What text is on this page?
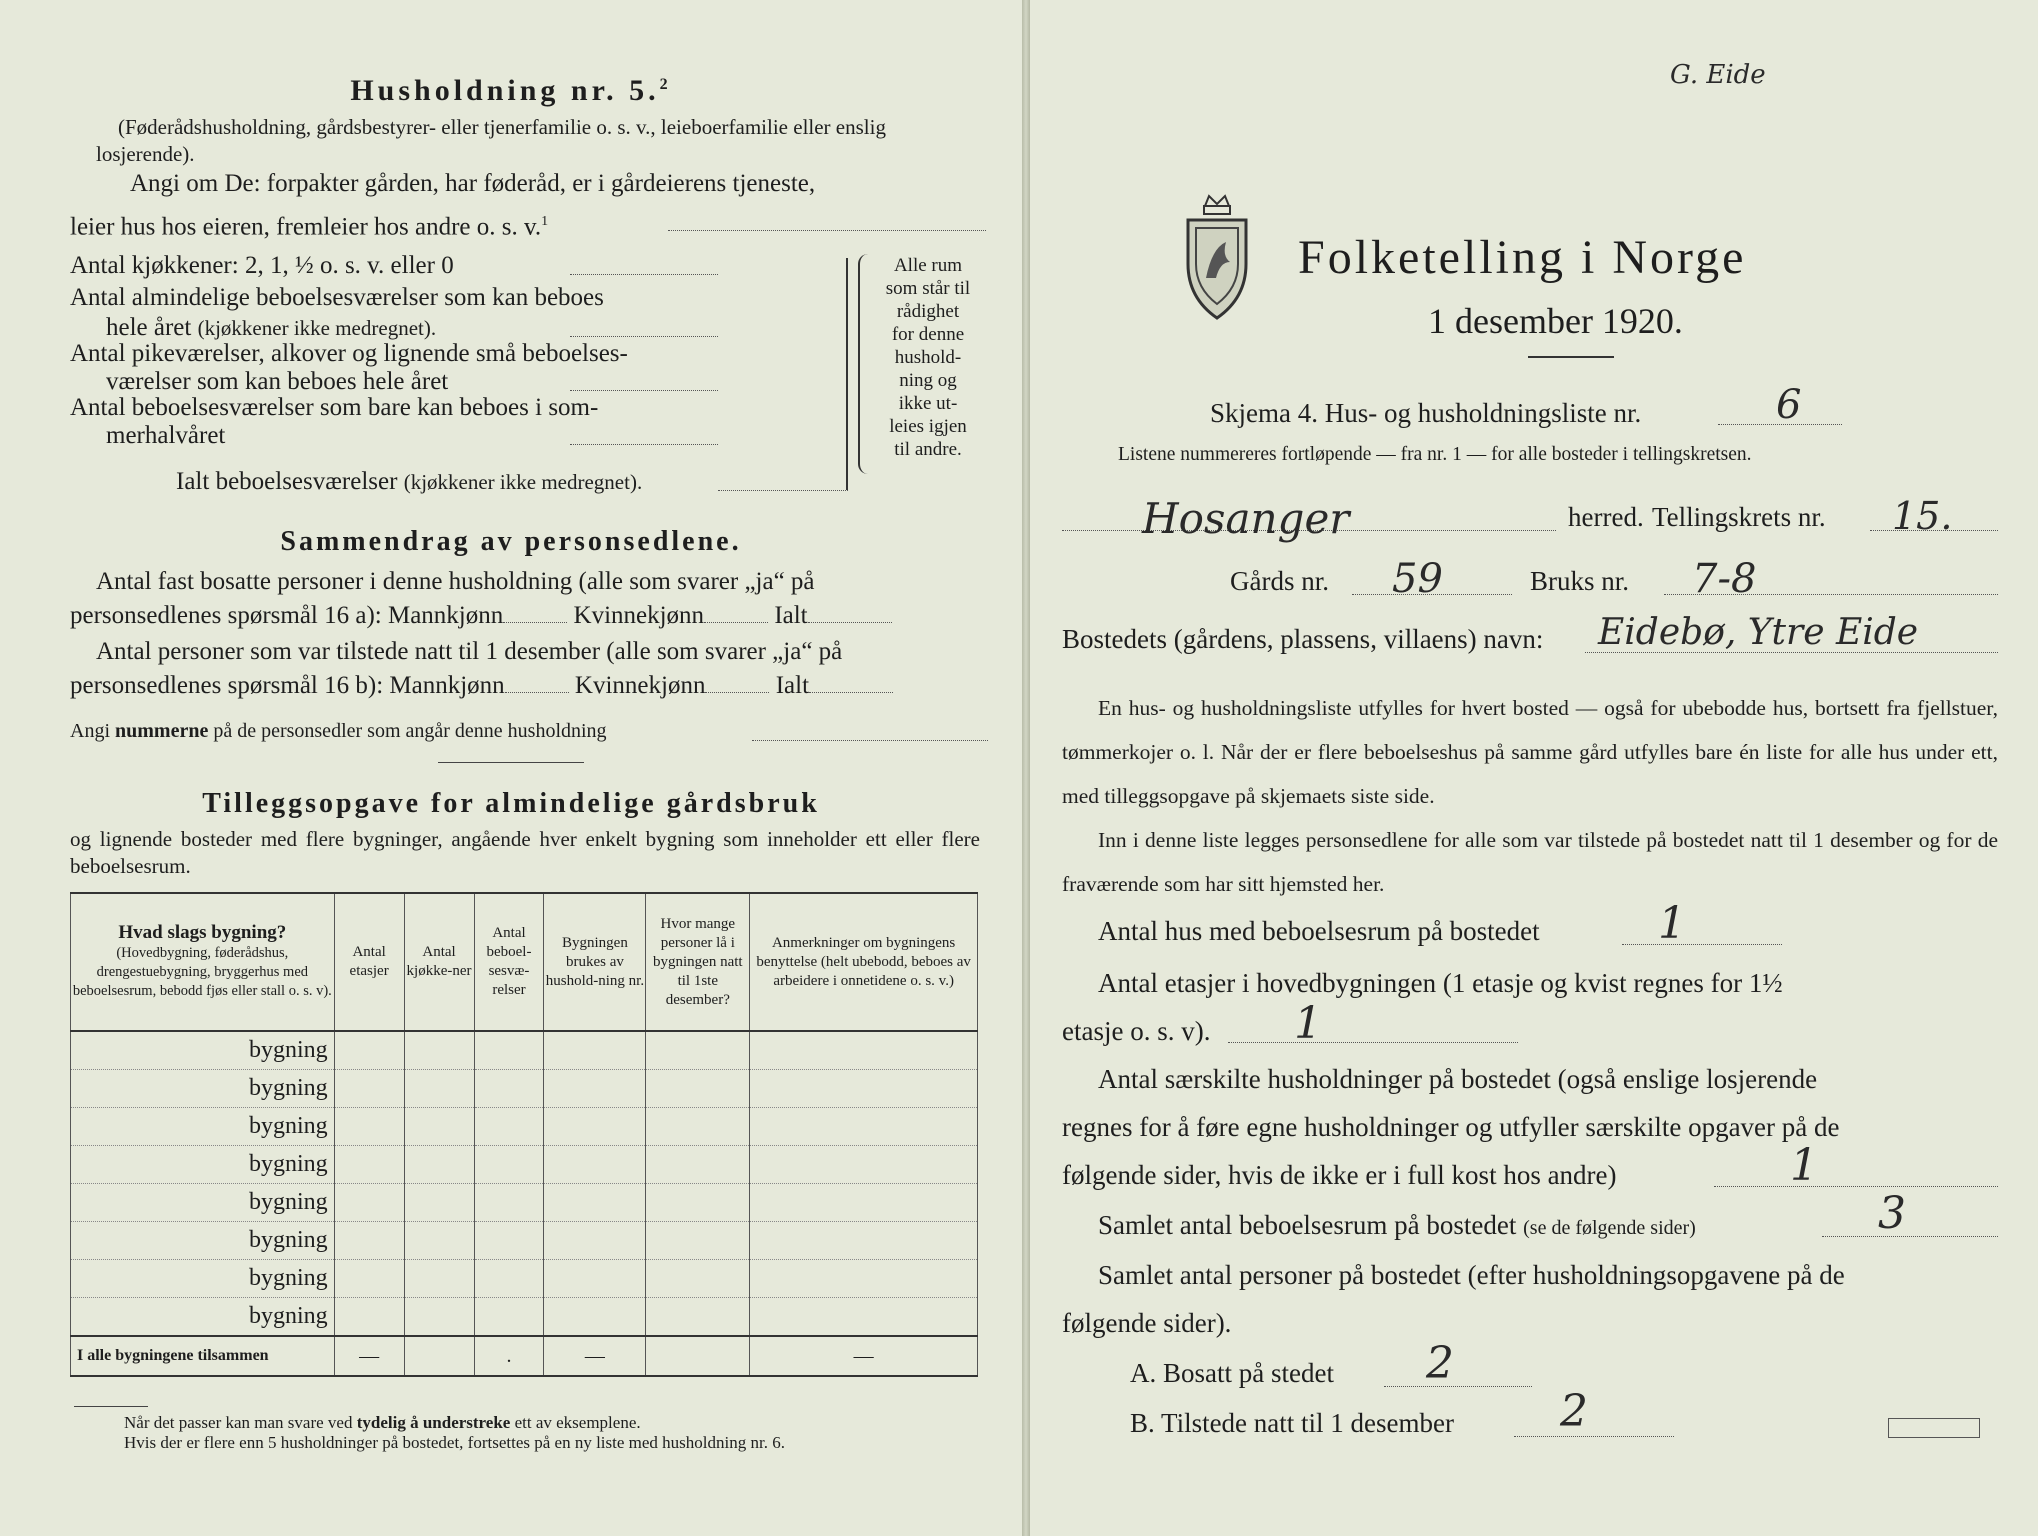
Husholdning nr. 5.$^2$
(Føderådshusholdning, gårdsbestyrer- eller tjenerfamilie o. s. v., leieboerfamilie eller enslig losjerende).
Angi om De: forpakter gården, har føderåd, er i gårdeierens tjeneste,
leier hus hos eieren, fremleier hos andre o. s. v.$^1$
Antal kjøkkener: 2, 1, ½ o. s. v. eller 0
Antal almindelige beboelsesværelser som kan beboes
hele året (kjøkkener ikke medregnet).
Antal pikeværelser, alkover og lignende små beboelses-
værelser som kan beboes hele året
Antal beboelsesværelser som bare kan beboes i som-
merhalvåret
Ialt beboelsesværelser (kjøkkener ikke medregnet).
Alle rum
som står til
rådighet
for denne
hushold-
ning og
ikke ut-
leies igjen
til andre.
Sammendrag av personsedlene.
Antal fast bosatte personer i denne husholdning (alle som svarer „ja“ på
personsedlenes spørsmål 16 a): Mannkjønn	Kvinnekjønn	Ialt
Antal personer som var tilstede natt til 1 desember (alle som svarer „ja“ på
personsedlenes spørsmål 16 b): Mannkjønn	Kvinnekjønn	Ialt
Angi nummerne på de personsedler som angår denne husholdning
Tilleggsopgave for almindelige gårdsbruk
og lignende bosteder med flere bygninger, angående hver enkelt bygning som inneholder ett eller flere beboelsesrum.
Hvad slags bygning?
(Hovedbygning, føderådshus, drengestuebygning, bryggerhus med beboelsesrum, bebodd fjøs eller stall o. s. v).	Antal etasjer	Antal kjøkke-ner	Antal beboel-sesvæ-relser	Bygningen brukes av hushold-ning nr.	Hvor mange personer lå i bygningen natt til 1ste desember?	Anmerkninger om bygningens benyttelse (helt ubebodd, beboes av arbeidere i onnetidene o. s. v.)
bygning						
bygning						
bygning						
bygning						
bygning						
bygning						
bygning						
bygning						
I alle bygningene tilsammen	—		.	—		—
Når det passer kan man svare ved tydelig å understreke ett av eksemplene.
Hvis der er flere enn 5 husholdninger på bostedet, fortsettes på en ny liste med husholdning nr. 6.
G. Eide
Folketelling i Norge
1 desember 1920.
Skjema 4. Hus- og husholdningsliste nr.	6
Listene nummereres fortløpende — fra nr. 1 — for alle bosteder i tellingskretsen.
Hosanger	herred. Tellingskrets nr. 15.
Gårds nr. 59	Bruks nr. 7-8
Bostedets (gårdens, plassens, villaens) navn: Eidebø, Ytre Eide
En hus- og husholdningsliste utfylles for hvert bosted — også for ubebodde hus, bortsett fra fjellstuer, tømmerkojer o. l. Når der er flere beboelseshus på samme gård utfylles bare én liste for alle hus under ett, med tilleggsopgave på skjemaets siste side.
Inn i denne liste legges personsedlene for alle som var tilstede på bostedet natt til 1 desember og for de fraværende som har sitt hjemsted her.
Antal hus med beboelsesrum på bostedet	1
Antal etasjer i hovedbygningen (1 etasje og kvist regnes for 1½
etasje o. s. v). 1
Antal særskilte husholdninger på bostedet (også enslige losjerende
regnes for å føre egne husholdninger og utfyller særskilte opgaver på de
følgende sider, hvis de ikke er i full kost hos andre)	1
Samlet antal beboelsesrum på bostedet (se de følgende sider)	3
Samlet antal personer på bostedet (efter husholdningsopgavene på de
følgende sider).
A. Bosatt på stedet 2
B. Tilstede natt til 1 desember 2
